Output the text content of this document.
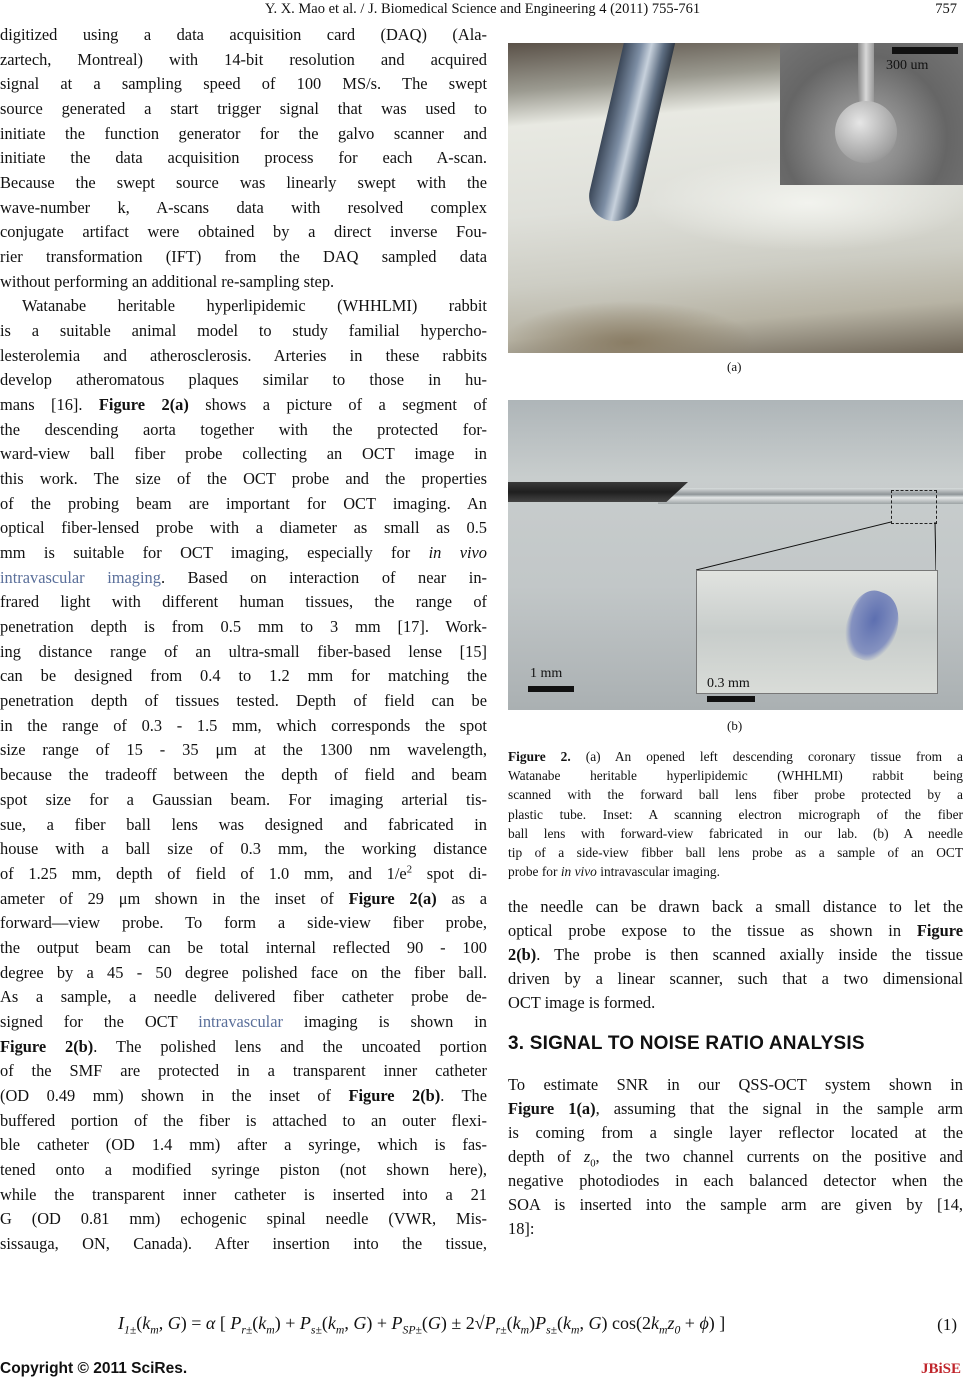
Y. X. Mao et al. / J. Biomedical Science and Engineering 4 (2011) 755-761	757
digitized using a data acquisition card (DAQ) (Ala-
zartech, Montreal) with 14-bit resolution and acquired
signal at a sampling speed of 100 MS/s. The swept
source generated a start trigger signal that was used to
initiate the function generator for the galvo scanner and
initiate the data acquisition process for each A-scan.
Because the swept source was linearly swept with the
wave-number k, A-scans data with resolved complex
conjugate artifact were obtained by a direct inverse Fou-
rier transformation (IFT) from the DAQ sampled data
without performing an additional re-sampling step.
Watanabe heritable hyperlipidemic (WHHLMI) rabbit
is a suitable animal model to study familial hypercho-
lesterolemia and atherosclerosis. Arteries in these rabbits
develop atheromatous plaques similar to those in hu-
mans [16]. Figure 2(a) shows a picture of a segment of
the descending aorta together with the protected for-
ward-view ball fiber probe collecting an OCT image in
this work. The size of the OCT probe and the properties
of the probing beam are important for OCT imaging. An
optical fiber-lensed probe with a diameter as small as 0.5
mm is suitable for OCT imaging, especially for in vivo
intravascular imaging. Based on interaction of near in-
frared light with different human tissues, the range of
penetration depth is from 0.5 mm to 3 mm [17]. Work-
ing distance range of an ultra-small fiber-based lense [15]
can be designed from 0.4 to 1.2 mm for matching the
penetration depth of tissues tested. Depth of field can be
in the range of 0.3 - 1.5 mm, which corresponds the spot
size range of 15 - 35 μm at the 1300 nm wavelength,
because the tradeoff between the depth of field and beam
spot size for a Gaussian beam. For imaging arterial tis-
sue, a fiber ball lens was designed and fabricated in
house with a ball size of 0.3 mm, the working distance
of 1.25 mm, depth of field of 1.0 mm, and $1/e^2$ spot di-
ameter of 29 μm shown in the inset of Figure 2(a) as a
forward—view probe. To form a side-view fiber probe,
the output beam can be total internal reflected 90 - 100
degree by a 45 - 50 degree polished face on the fiber ball.
As a sample, a needle delivered fiber catheter probe de-
signed for the OCT intravascular imaging is shown in
Figure 2(b). The polished lens and the uncoated portion
of the SMF are protected in a transparent inner catheter
(OD 0.49 mm) shown in the inset of Figure 2(b). The
buffered portion of the fiber is attached to an outer flexi-
ble catheter (OD 1.4 mm) after a syringe, which is fas-
tened onto a modified syringe piston (not shown here),
while the transparent inner catheter is inserted into a 21
G (OD 0.81 mm) echogenic spinal needle (VWR, Mis-
sissauga, ON, Canada). After insertion into the tissue,
300 um
(a)
1 mm
0.3 mm
(b)
Figure 2. (a) An opened left descending coronary tissue from a
Watanabe heritable hyperlipidemic (WHHLMI) rabbit being
scanned with the forward ball lens fiber probe protected by a
plastic tube. Inset: A scanning electron micrograph of the fiber
ball lens with forward-view fabricated in our lab. (b) A needle
tip of a side-view fibber ball lens probe as a sample of an OCT
probe for in vivo intravascular imaging.
the needle can be drawn back a small distance to let the
optical probe expose to the tissue as shown in Figure
2(b). The probe is then scanned axially inside the tissue
driven by a linear scanner, such that a two dimensional
OCT image is formed.
3. SIGNAL TO NOISE RATIO ANALYSIS
To estimate SNR in our QSS-OCT system shown in
Figure 1(a), assuming that the signal in the sample arm
is coming from a single layer reflector located at the
depth of $z_0$, the two channel currents on the positive and
negative photodiodes in each balanced detector when the
SOA is inserted into the sample arm are given by [14,
18]:
$I_{1\pm}(k_m$, G) = α [ $P_{r\pm}(k_m) + P_{s\pm}(k_m$, $G) + P_{SP\pm}(G) \pm 2√P_{r\pm}(k_m)P_{s\pm}(k_m$, G) $\cos(2k_mz_0 + \phi)$ ]	(1)
Copyright © 2011 SciRes.	JBiSE
